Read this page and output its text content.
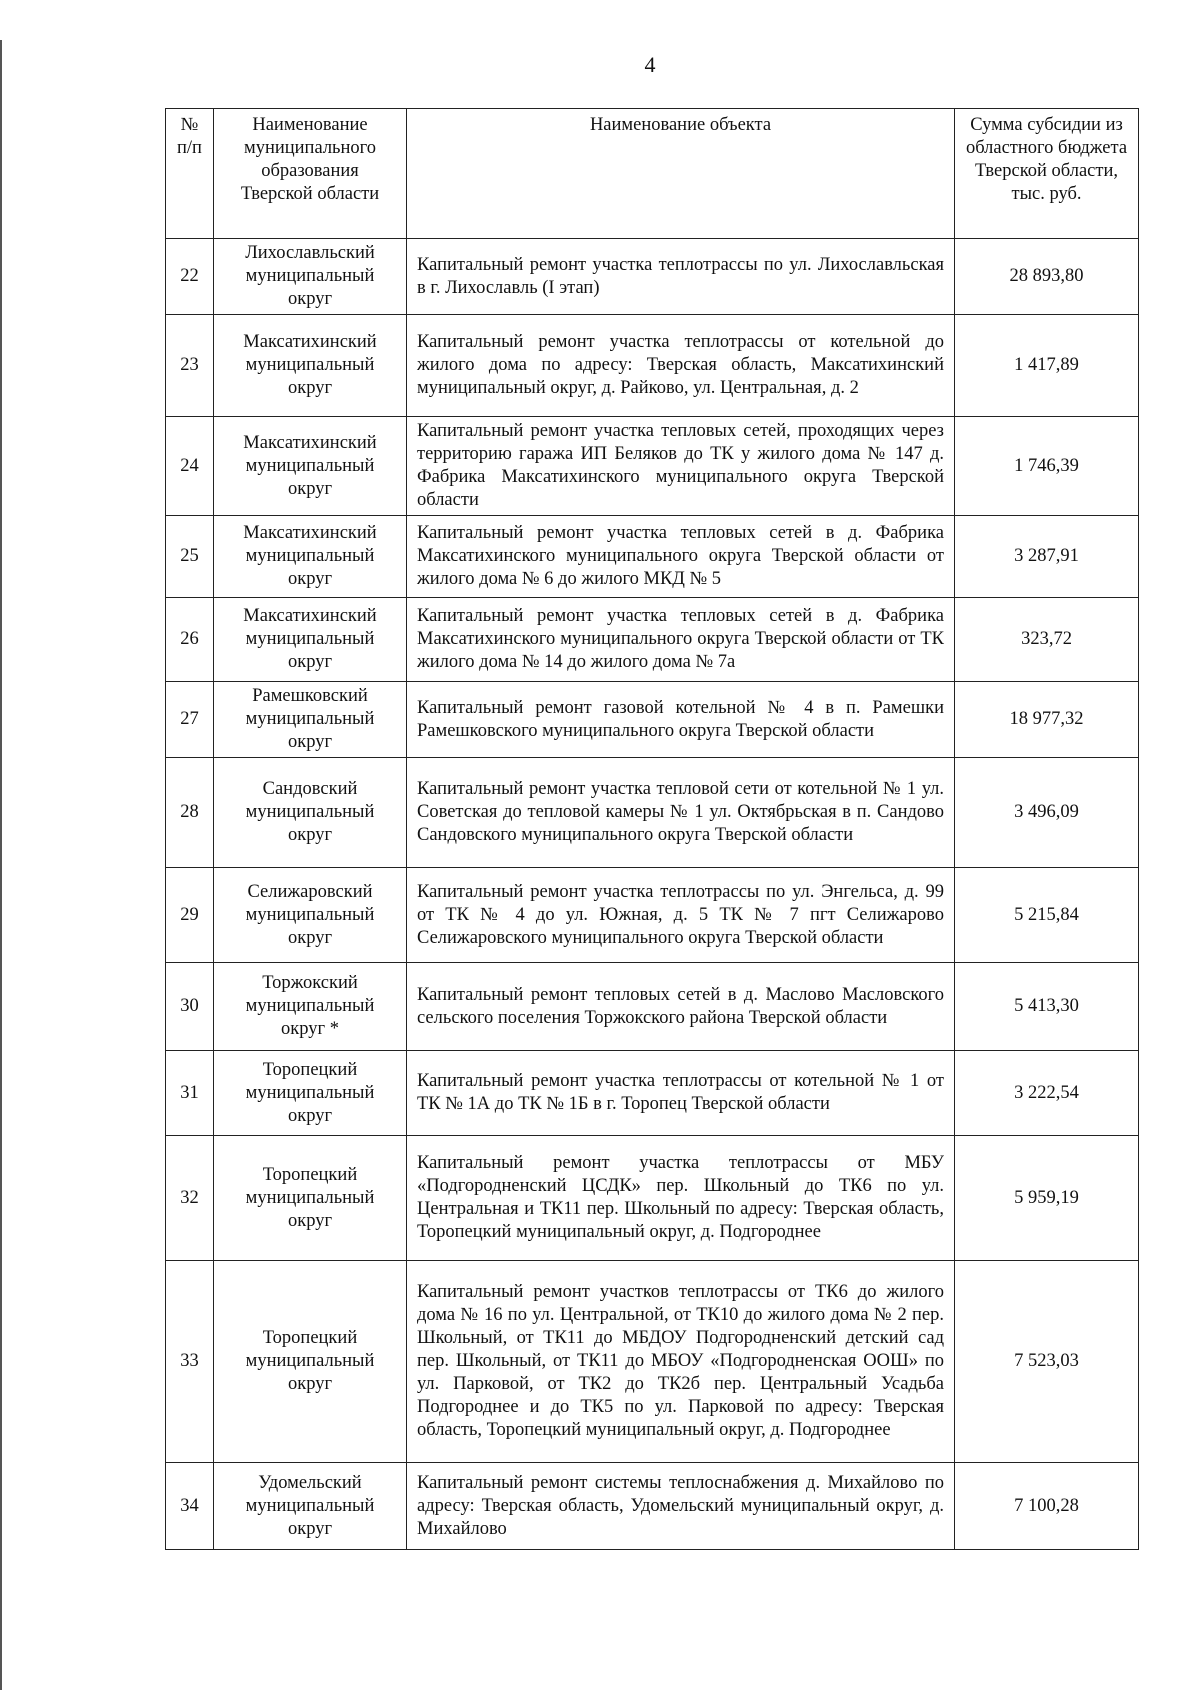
4
№ п/п	Наименование муниципального образования Тверской области	Наименование объекта	Сумма субсидии из областного бюджета Тверской области, тыс. руб.
22	Лихославльский муниципальный округ	Капитальный ремонт участка теплотрассы по ул. Лихославльская в г. Лихославль (I этап)	28 893,80
23	Максатихинский муниципальный округ	Капитальный ремонт участка теплотрассы от котельной до жилого дома по адресу: Тверская область, Максатихинский муниципальный округ, д. Райково, ул. Центральная, д. 2	1 417,89
24	Максатихинский муниципальный округ	Капитальный ремонт участка тепловых сетей, проходящих через территорию гаража ИП Беляков до ТК у жилого дома № 147 д. Фабрика Максатихинского муниципального округа Тверской области	1 746,39
25	Максатихинский муниципальный округ	Капитальный ремонт участка тепловых сетей в д. Фабрика Максатихинского муниципального округа Тверской области от жилого дома № 6 до жилого МКД № 5	3 287,91
26	Максатихинский муниципальный округ	Капитальный ремонт участка тепловых сетей в д. Фабрика Максатихинского муниципального округа Тверской области от ТК жилого дома № 14 до жилого дома № 7а	323,72
27	Рамешковский муниципальный округ	Капитальный ремонт газовой котельной № 4 в п. Рамешки Рамешковского муниципального округа Тверской области	18 977,32
28	Сандовский муниципальный округ	Капитальный ремонт участка тепловой сети от котельной № 1 ул. Советская до тепловой камеры № 1 ул. Октябрьская в п. Сандово Сандовского муниципального округа Тверской области	3 496,09
29	Селижаровский муниципальный округ	Капитальный ремонт участка теплотрассы по ул. Энгельса, д. 99 от ТК № 4 до ул. Южная, д. 5 ТК № 7 пгт Селижарово Селижаровского муниципального округа Тверской области	5 215,84
30	Торжокский муниципальный округ *	Капитальный ремонт тепловых сетей в д. Маслово Масловского сельского поселения Торжокского района Тверской области	5 413,30
31	Торопецкий муниципальный округ	Капитальный ремонт участка теплотрассы от котельной № 1 от ТК № 1А до ТК № 1Б в г. Торопец Тверской области	3 222,54
32	Торопецкий муниципальный округ	Капитальный ремонт участка теплотрассы от МБУ «Подгородненский ЦСДК» пер. Школьный до ТК6 по ул. Центральная и ТК11 пер. Школьный по адресу: Тверская область, Торопецкий муниципальный округ, д. Подгороднее	5 959,19
33	Торопецкий муниципальный округ	Капитальный ремонт участков теплотрассы от ТК6 до жилого дома № 16 по ул. Центральной, от ТК10 до жилого дома № 2 пер. Школьный, от ТК11 до МБДОУ Подгородненский детский сад пер. Школьный, от ТК11 до МБОУ «Подгородненская ООШ» по ул. Парковой, от ТК2 до ТК2б пер. Центральный Усадьба Подгороднее и до ТК5 по ул. Парковой по адресу: Тверская область, Торопецкий муниципальный округ, д. Подгороднее	7 523,03
34	Удомельский муниципальный округ	Капитальный ремонт системы теплоснабжения д. Михайлово по адресу: Тверская область, Удомельский муниципальный округ, д. Михайлово	7 100,28
